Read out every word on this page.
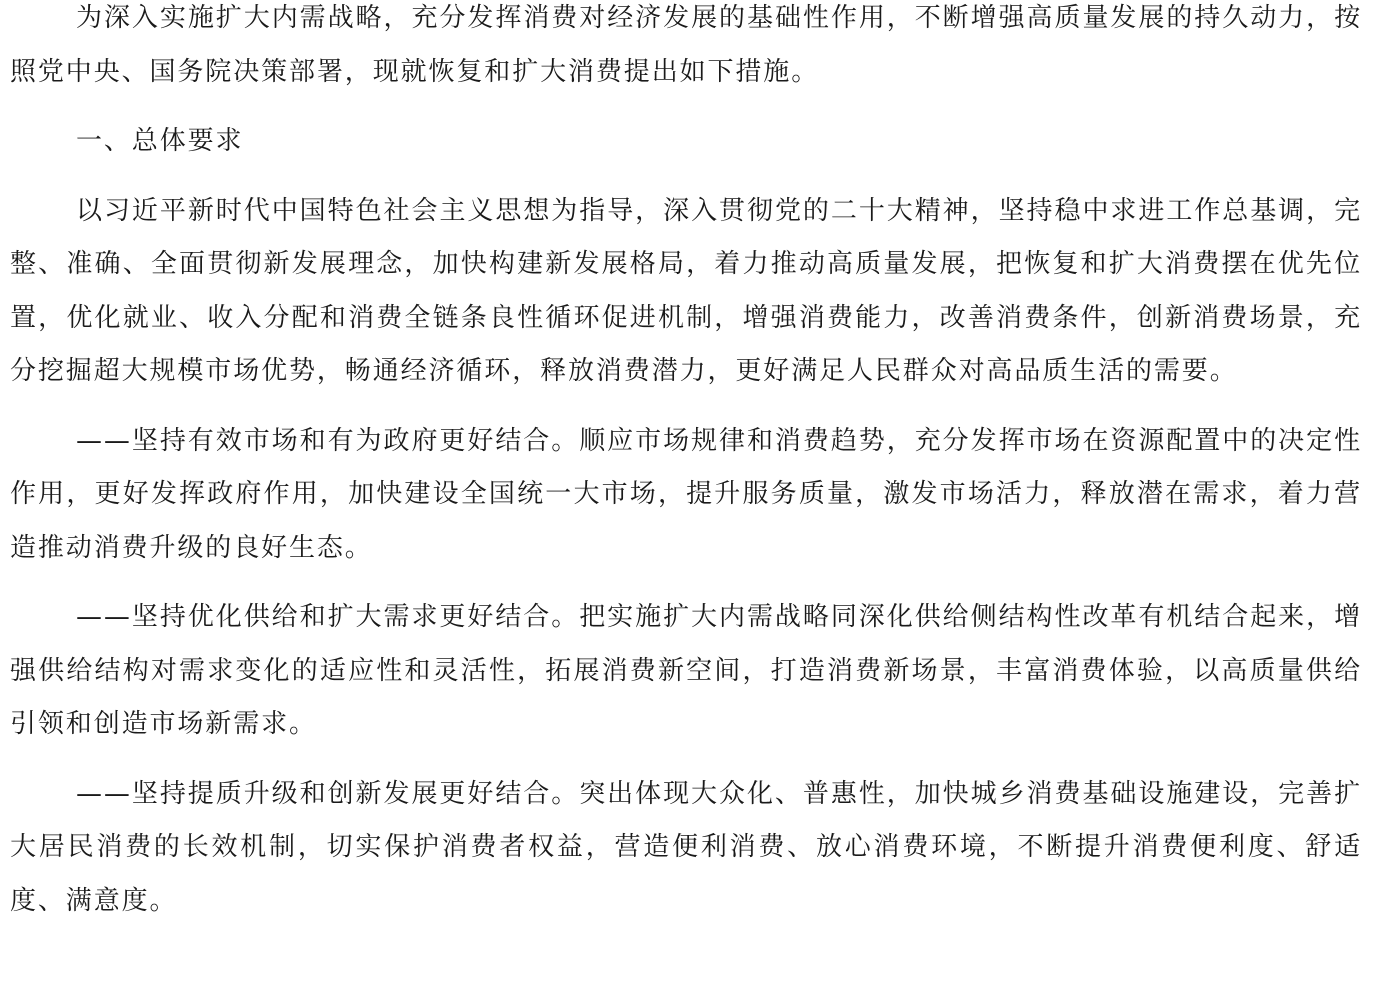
为深入实施扩大内需战略，充分发挥消费对经济发展的基础性作用，不断增强高质量发展的持久动力，按照党中央、国务院决策部署，现就恢复和扩大消费提出如下措施。

一、总体要求

以习近平新时代中国特色社会主义思想为指导，深入贯彻党的二十大精神，坚持稳中求进工作总基调，完整、准确、全面贯彻新发展理念，加快构建新发展格局，着力推动高质量发展，把恢复和扩大消费摆在优先位置，优化就业、收入分配和消费全链条良性循环促进机制，增强消费能力，改善消费条件，创新消费场景，充分挖掘超大规模市场优势，畅通经济循环，释放消费潜力，更好满足人民群众对高品质生活的需要。

——坚持有效市场和有为政府更好结合。顺应市场规律和消费趋势，充分发挥市场在资源配置中的决定性作用，更好发挥政府作用，加快建设全国统一大市场，提升服务质量，激发市场活力，释放潜在需求，着力营造推动消费升级的良好生态。

——坚持优化供给和扩大需求更好结合。把实施扩大内需战略同深化供给侧结构性改革有机结合起来，增强供给结构对需求变化的适应性和灵活性，拓展消费新空间，打造消费新场景，丰富消费体验，以高质量供给引领和创造市场新需求。

——坚持提质升级和创新发展更好结合。突出体现大众化、普惠性，加快城乡消费基础设施建设，完善扩大居民消费的长效机制，切实保护消费者权益，营造便利消费、放心消费环境，不断提升消费便利度、舒适度、满意度。
